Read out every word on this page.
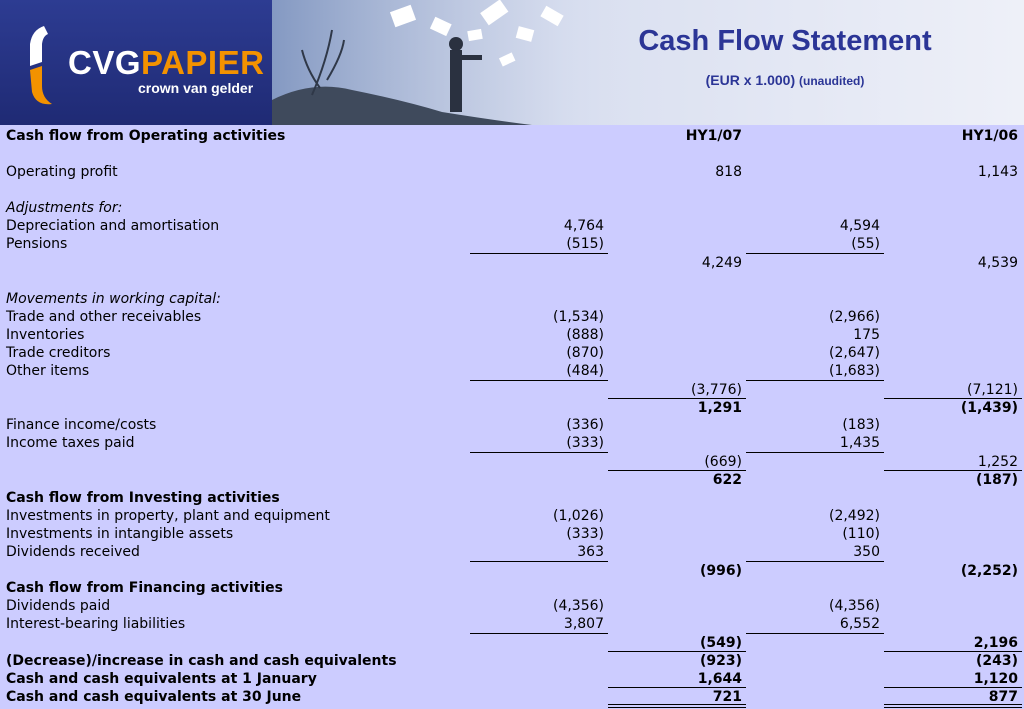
CVGPAPIER
crown van gelder
Cash Flow Statement
(EUR x 1.000) (unaudited)
Cash flow from Operating activities	HY1/07	HY1/06
Operating profit	818	1,143
Adjustments for:
Depreciation and amortisation	4,764	4,594
Pensions	(515)	(55)
4,249	4,539
Movements in working capital:
Trade and other receivables	(1,534)	(2,966)
Inventories	(888)	175
Trade creditors	(870)	(2,647)
Other items	(484)	(1,683)
(3,776)	(7,121)
1,291	(1,439)
Finance income/costs	(336)	(183)
Income taxes paid	(333)	1,435
(669)	1,252
622	(187)
Cash flow from Investing activities
Investments in property, plant and equipment	(1,026)	(2,492)
Investments in intangible assets	(333)	(110)
Dividends received	363	350
(996)	(2,252)
Cash flow from Financing activities
Dividends paid	(4,356)	(4,356)
Interest-bearing liabilities	3,807	6,552
(549)	2,196
(Decrease)/increase in cash and cash equivalents	(923)	(243)
Cash and cash equivalents at 1 January	1,644	1,120
Cash and cash equivalents at 30 June	721	877
